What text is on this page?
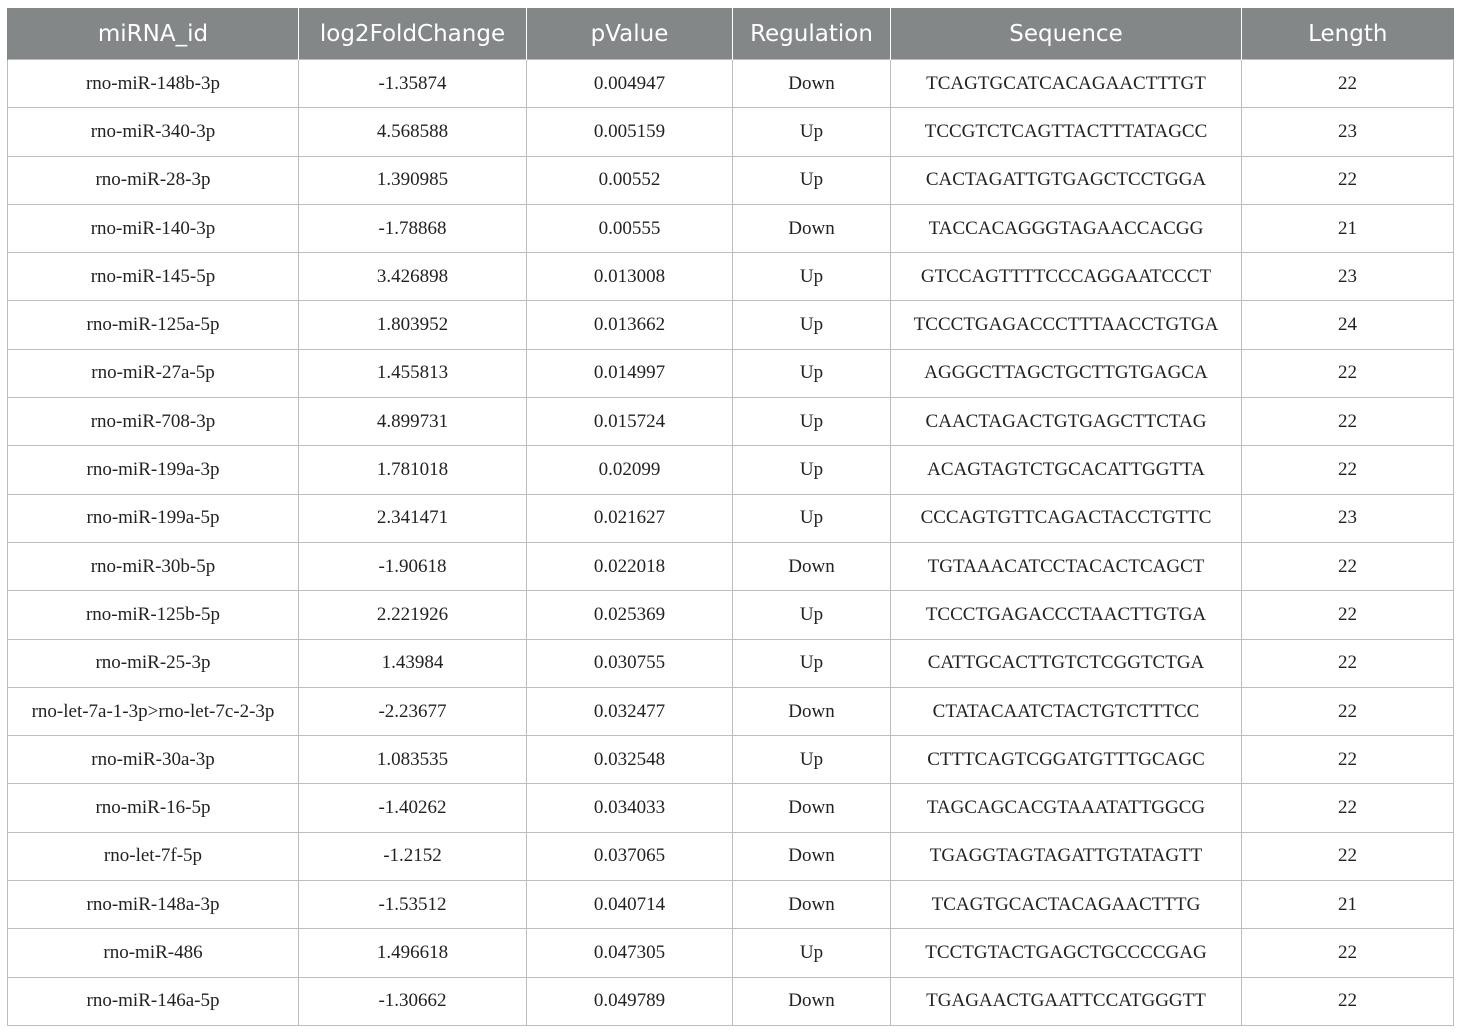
miRNA_id	log2FoldChange	pValue	Regulation	Sequence	Length
rno-miR-148b-3p	-1.35874	0.004947	Down	TCAGTGCATCACAGAACTTTGT	22
rno-miR-340-3p	4.568588	0.005159	Up	TCCGTCTCAGTTACTTTATAGCC	23
rno-miR-28-3p	1.390985	0.00552	Up	CACTAGATTGTGAGCTCCTGGA	22
rno-miR-140-3p	-1.78868	0.00555	Down	TACCACAGGGTAGAACCACGG	21
rno-miR-145-5p	3.426898	0.013008	Up	GTCCAGTTTTCCCAGGAATCCCT	23
rno-miR-125a-5p	1.803952	0.013662	Up	TCCCTGAGACCCTTTAACCTGTGA	24
rno-miR-27a-5p	1.455813	0.014997	Up	AGGGCTTAGCTGCTTGTGAGCA	22
rno-miR-708-3p	4.899731	0.015724	Up	CAACTAGACTGTGAGCTTCTAG	22
rno-miR-199a-3p	1.781018	0.02099	Up	ACAGTAGTCTGCACATTGGTTA	22
rno-miR-199a-5p	2.341471	0.021627	Up	CCCAGTGTTCAGACTACCTGTTC	23
rno-miR-30b-5p	-1.90618	0.022018	Down	TGTAAACATCCTACACTCAGCT	22
rno-miR-125b-5p	2.221926	0.025369	Up	TCCCTGAGACCCTAACTTGTGA	22
rno-miR-25-3p	1.43984	0.030755	Up	CATTGCACTTGTCTCGGTCTGA	22
rno-let-7a-1-3p>rno-let-7c-2-3p	-2.23677	0.032477	Down	CTATACAATCTACTGTCTTTCC	22
rno-miR-30a-3p	1.083535	0.032548	Up	CTTTCAGTCGGATGTTTGCAGC	22
rno-miR-16-5p	-1.40262	0.034033	Down	TAGCAGCACGTAAATATTGGCG	22
rno-let-7f-5p	-1.2152	0.037065	Down	TGAGGTAGTAGATTGTATAGTT	22
rno-miR-148a-3p	-1.53512	0.040714	Down	TCAGTGCACTACAGAACTTTG	21
rno-miR-486	1.496618	0.047305	Up	TCCTGTACTGAGCTGCCCCGAG	22
rno-miR-146a-5p	-1.30662	0.049789	Down	TGAGAACTGAATTCCATGGGTT	22
